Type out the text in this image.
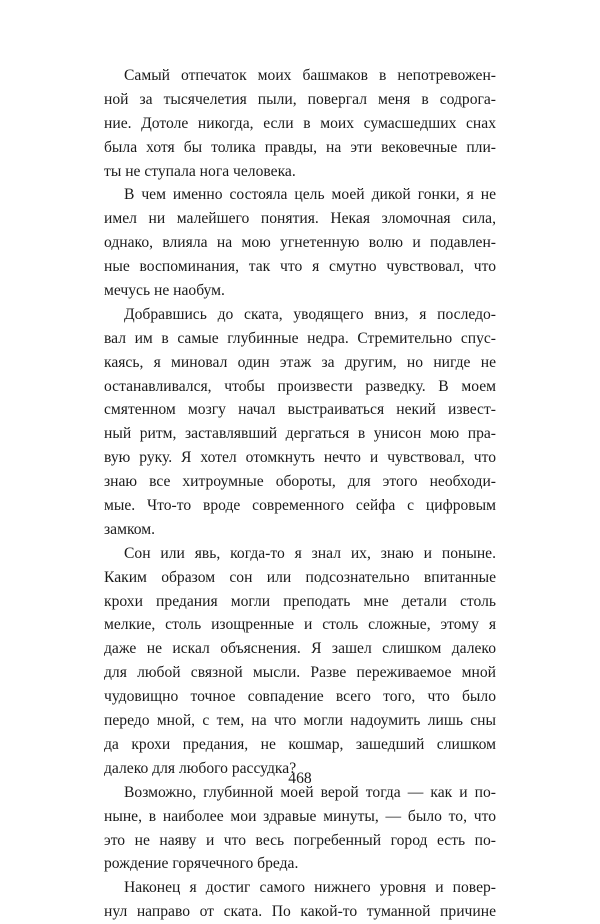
Самый отпечаток моих башмаков в непотревожен-
ной за тысячелетия пыли, повергал меня в содрога-
ние. Дотоле никогда, если в моих сумасшедших снах
была хотя бы толика правды, на эти вековечные пли-
ты не ступала нога человека.
В чем именно состояла цель моей дикой гонки, я не
имел ни малейшего понятия. Некая зломочная сила,
однако, влияла на мою угнетенную волю и подавлен-
ные воспоминания, так что я смутно чувствовал, что
мечусь не наобум.
Добравшись до ската, уводящего вниз, я последо-
вал им в самые глубинные недра. Стремительно спус-
каясь, я миновал один этаж за другим, но нигде не
останавливался, чтобы произвести разведку. В моем
смятенном мозгу начал выстраиваться некий извест-
ный ритм, заставлявший дергаться в унисон мою пра-
вую руку. Я хотел отомкнуть нечто и чувствовал, что
знаю все хитроумные обороты, для этого необходи-
мые. Что-то вроде современного сейфа с цифровым
замком.
Сон или явь, когда-то я знал их, знаю и поныне.
Каким образом сон или подсознательно впитанные
крохи предания могли преподать мне детали столь
мелкие, столь изощренные и столь сложные, этому я
даже не искал объяснения. Я зашел слишком далеко
для любой связной мысли. Разве переживаемое мной
чудовищно точное совпадение всего того, что было
передо мной, с тем, на что могли надоумить лишь сны
да крохи предания, не кошмар, зашедший слишком
далеко для любого рассудка?
Возможно, глубинной моей верой тогда — как и по-
ныне, в наиболее мои здравые минуты, — было то, что
это не наяву и что весь погребенный город есть по-
рождение горячечного бреда.
Наконец я достиг самого нижнего уровня и повер-
нул направо от ската. По какой-то туманной причине
468
